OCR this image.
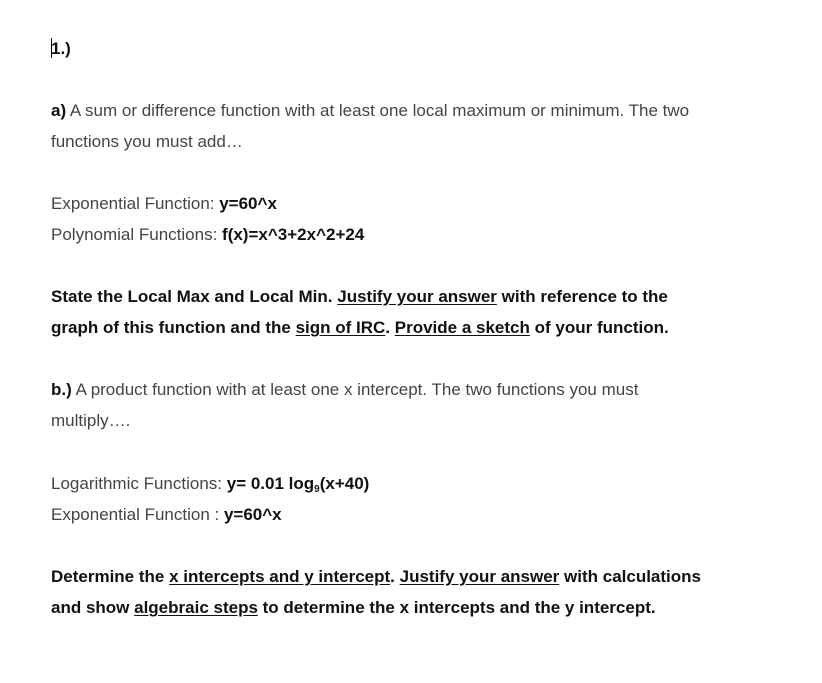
1.)
a) A sum or difference function with at least one local maximum or minimum. The two
functions you must add…
Exponential Function: y=60^x
Polynomial Functions: f(x)=x^3+2x^2+24
State the Local Max and Local Min. Justify your answer with reference to the
graph of this function and the sign of IRC. Provide a sketch of your function.
b.) A product function with at least one x intercept. The two functions you must
multiply….
Logarithmic Functions: y= 0.01 $\log_9(x+40)$
Exponential Function : y=60^x
Determine the x intercepts and y intercept. Justify your answer with calculations
and show algebraic steps to determine the x intercepts and the y intercept.
